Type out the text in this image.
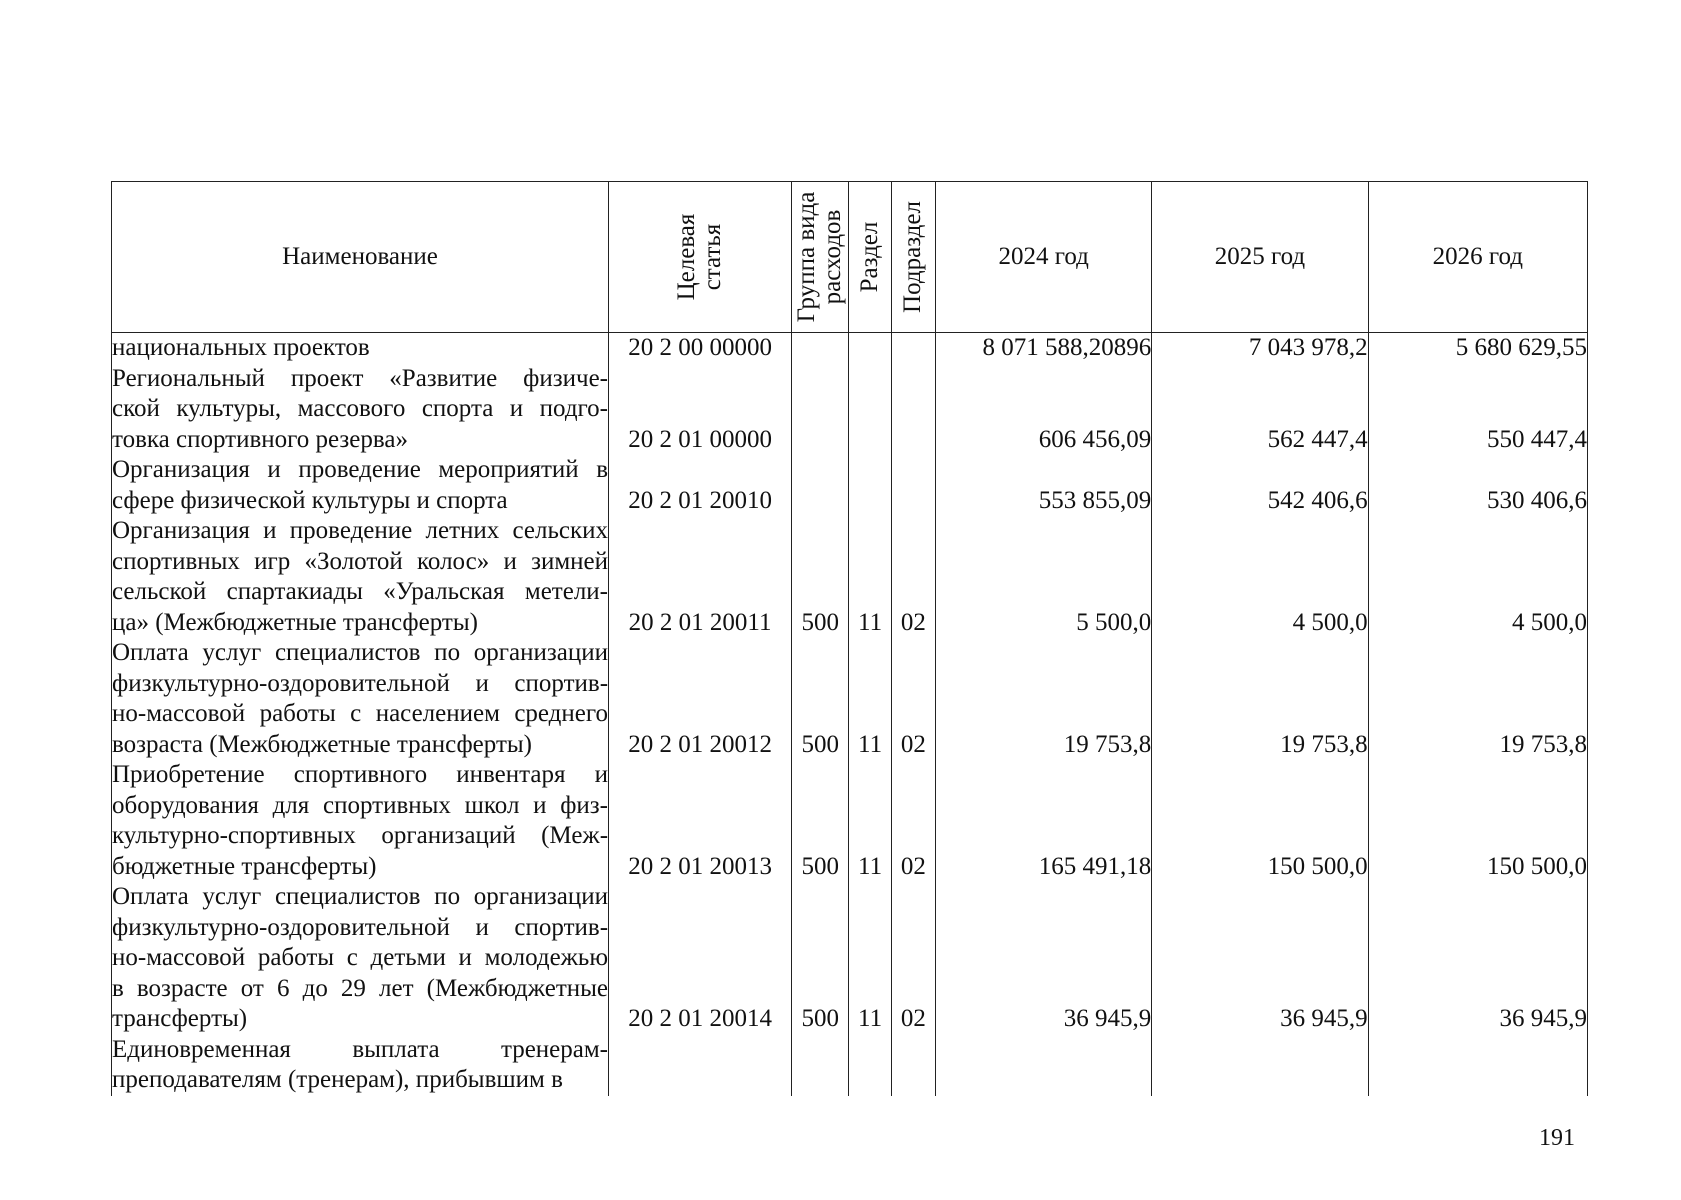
Наименование	Целевая статья	Группа вида расходов	Раздел	Подраздел	2024 год	2025 год	2026 год

национальных проектов	20 2 00 00000				8 071 588,20896	7 043 978,2	5 680 629,55

Региональный проект «Развитие физиче-
ской культуры, массового спорта и подго-
товка спортивного резерва»	20 2 01 00000				606 456,09	562 447,4	550 447,4

Организация и проведение мероприятий в
сфере физической культуры и спорта	20 2 01 20010				553 855,09	542 406,6	530 406,6

Организация и проведение летних сельских
спортивных игр «Золотой колос» и зимней
сельской спартакиады «Уральская метели-
ца» (Межбюджетные трансферты)	20 2 01 20011	500	11	02	5 500,0	4 500,0	4 500,0

Оплата услуг специалистов по организации
физкультурно-оздоровительной и спортив-
но-массовой работы с населением среднего
возраста (Межбюджетные трансферты)	20 2 01 20012	500	11	02	19 753,8	19 753,8	19 753,8

Приобретение спортивного инвентаря и
оборудования для спортивных школ и физ-
культурно-спортивных организаций (Меж-
бюджетные трансферты)	20 2 01 20013	500	11	02	165 491,18	150 500,0	150 500,0

Оплата услуг специалистов по организации
физкультурно-оздоровительной и спортив-
но-массовой работы с детьми и молодежью
в возрасте от 6 до 29 лет (Межбюджетные
трансферты)	20 2 01 20014	500	11	02	36 945,9	36 945,9	36 945,9

Единовременная выплата тренерам-
преподавателям (тренерам), прибывшим в							

191
